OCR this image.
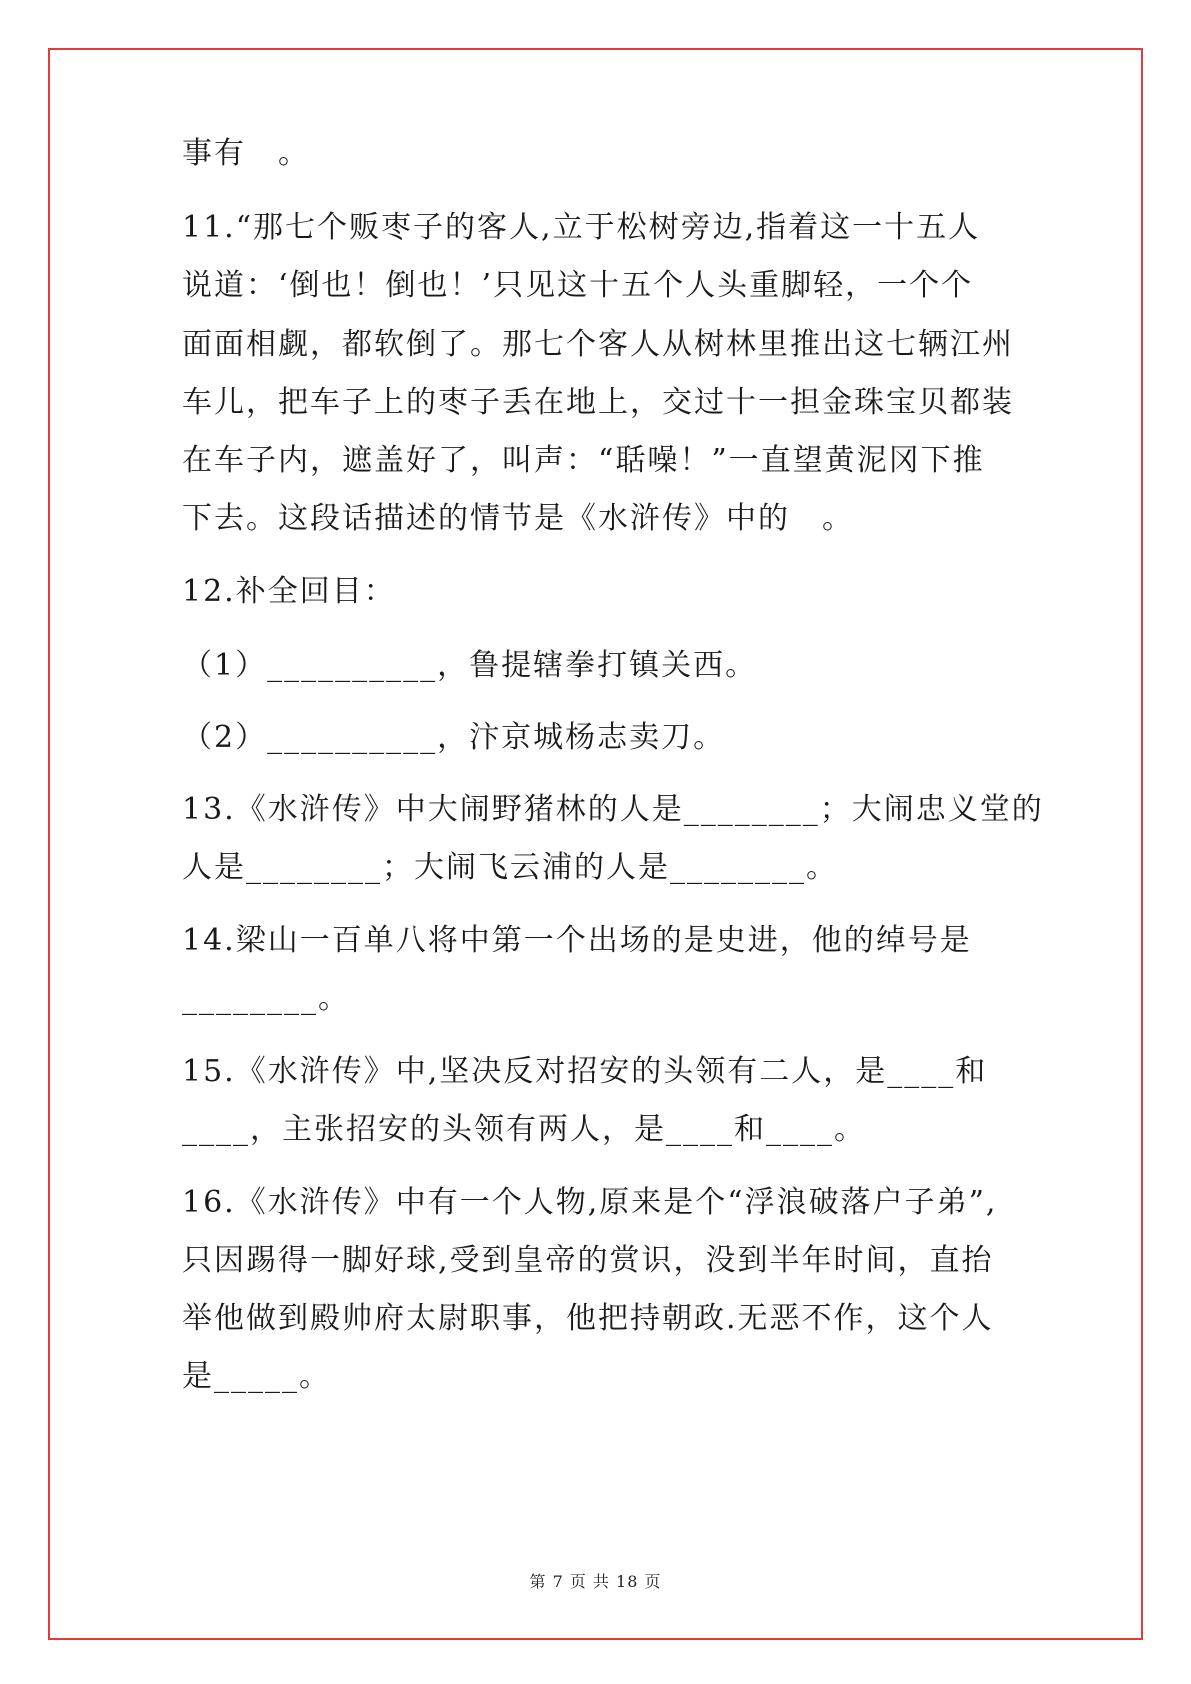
事有　。
11.“那七个贩枣子的客人,立于松树旁边,指着这一十五人
说道：‘倒也！倒也！’只见这十五个人头重脚轻，一个个
面面相觑，都软倒了。那七个客人从树林里推出这七辆江州
车儿，把车子上的枣子丢在地上，交过十一担金珠宝贝都装
在车子内，遮盖好了，叫声：“聒噪！”一直望黄泥冈下推
下去。这段话描述的情节是《水浒传》中的　。
12.补全回目：
（1）__________，鲁提辖拳打镇关西。
（2）__________，汴京城杨志卖刀。
13.《水浒传》中大闹野猪林的人是________；大闹忠义堂的
人是________；大闹飞云浦的人是________。
14.梁山一百单八将中第一个出场的是史进，他的绰号是
________。
15.《水浒传》中,坚决反对招安的头领有二人，是____和
____，主张招安的头领有两人，是____和____。
16.《水浒传》中有一个人物,原来是个“浮浪破落户子弟”,
只因踢得一脚好球,受到皇帝的赏识，没到半年时间，直抬
举他做到殿帅府太尉职事，他把持朝政.无恶不作，这个人
是_____。
第 7 页 共 18 页
